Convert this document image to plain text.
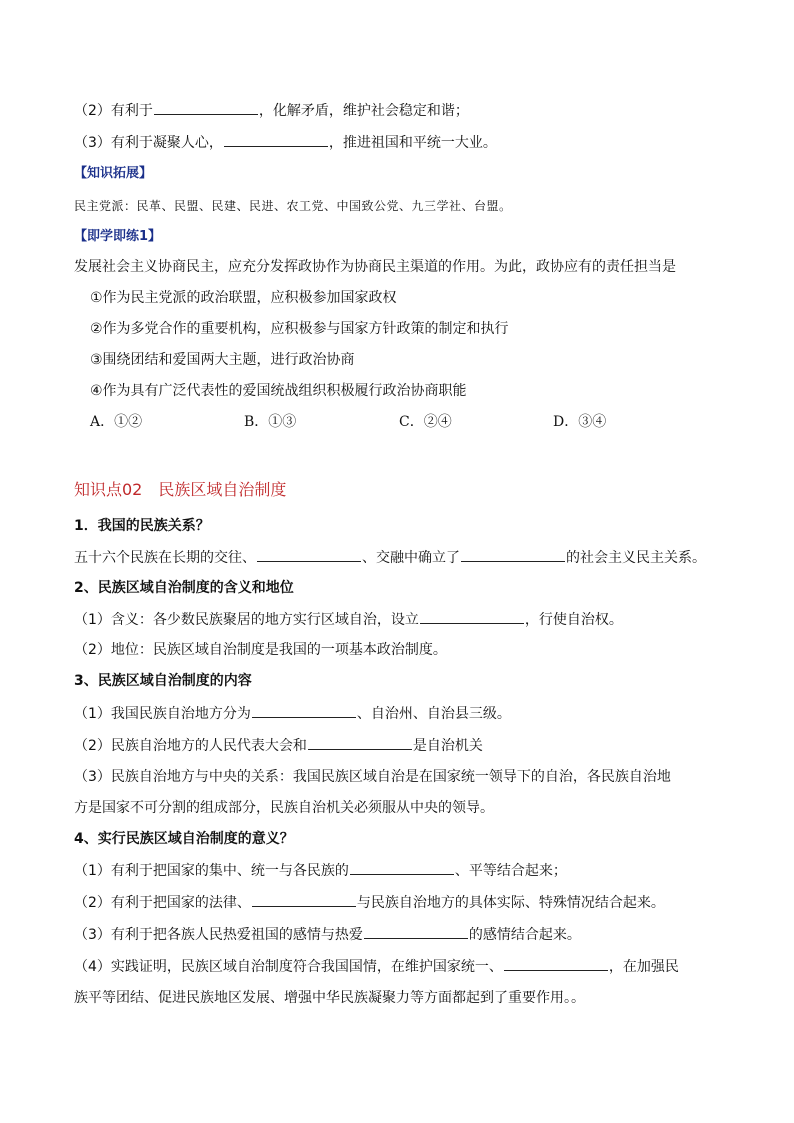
（2）有利于	，化解矛盾，维护社会稳定和谐；
（3）有利于凝聚人心，	，推进祖国和平统一大业。
【知识拓展】
民主党派：民革、民盟、民建、民进、农工党、中国致公党、九三学社、台盟。
【即学即练1】
发展社会主义协商民主，应充分发挥政协作为协商民主渠道的作用。为此，政协应有的责任担当是
①作为民主党派的政治联盟，应积极参加国家政权
②作为多党合作的重要机构，应积极参与国家方针政策的制定和执行
③围绕团结和爱国两大主题，进行政治协商
④作为具有广泛代表性的爱国统战组织积极履行政治协商职能
A．①②	B．①③	C．②④	D．③④
知识点02　民族区域自治制度
1．我国的民族关系？
五十六个民族在长期的交往、	、交融中确立了	的社会主义民主关系。
2、民族区域自治制度的含义和地位
（1）含义：各少数民族聚居的地方实行区域自治，设立	，行使自治权。
（2）地位：民族区域自治制度是我国的一项基本政治制度。
3、民族区域自治制度的内容
（1）我国民族自治地方分为	、自治州、自治县三级。
（2）民族自治地方的人民代表大会和	是自治机关
（3）民族自治地方与中央的关系：我国民族区域自治是在国家统一领导下的自治，各民族自治地
方是国家不可分割的组成部分，民族自治机关必须服从中央的领导。
4、实行民族区域自治制度的意义？
（1）有利于把国家的集中、统一与各民族的	、平等结合起来；
（2）有利于把国家的法律、	与民族自治地方的具体实际、特殊情况结合起来。
（3）有利于把各族人民热爱祖国的感情与热爱	的感情结合起来。
（4）实践证明，民族区域自治制度符合我国国情，在维护国家统一、	，在加强民
族平等团结、促进民族地区发展、增强中华民族凝聚力等方面都起到了重要作用。。
